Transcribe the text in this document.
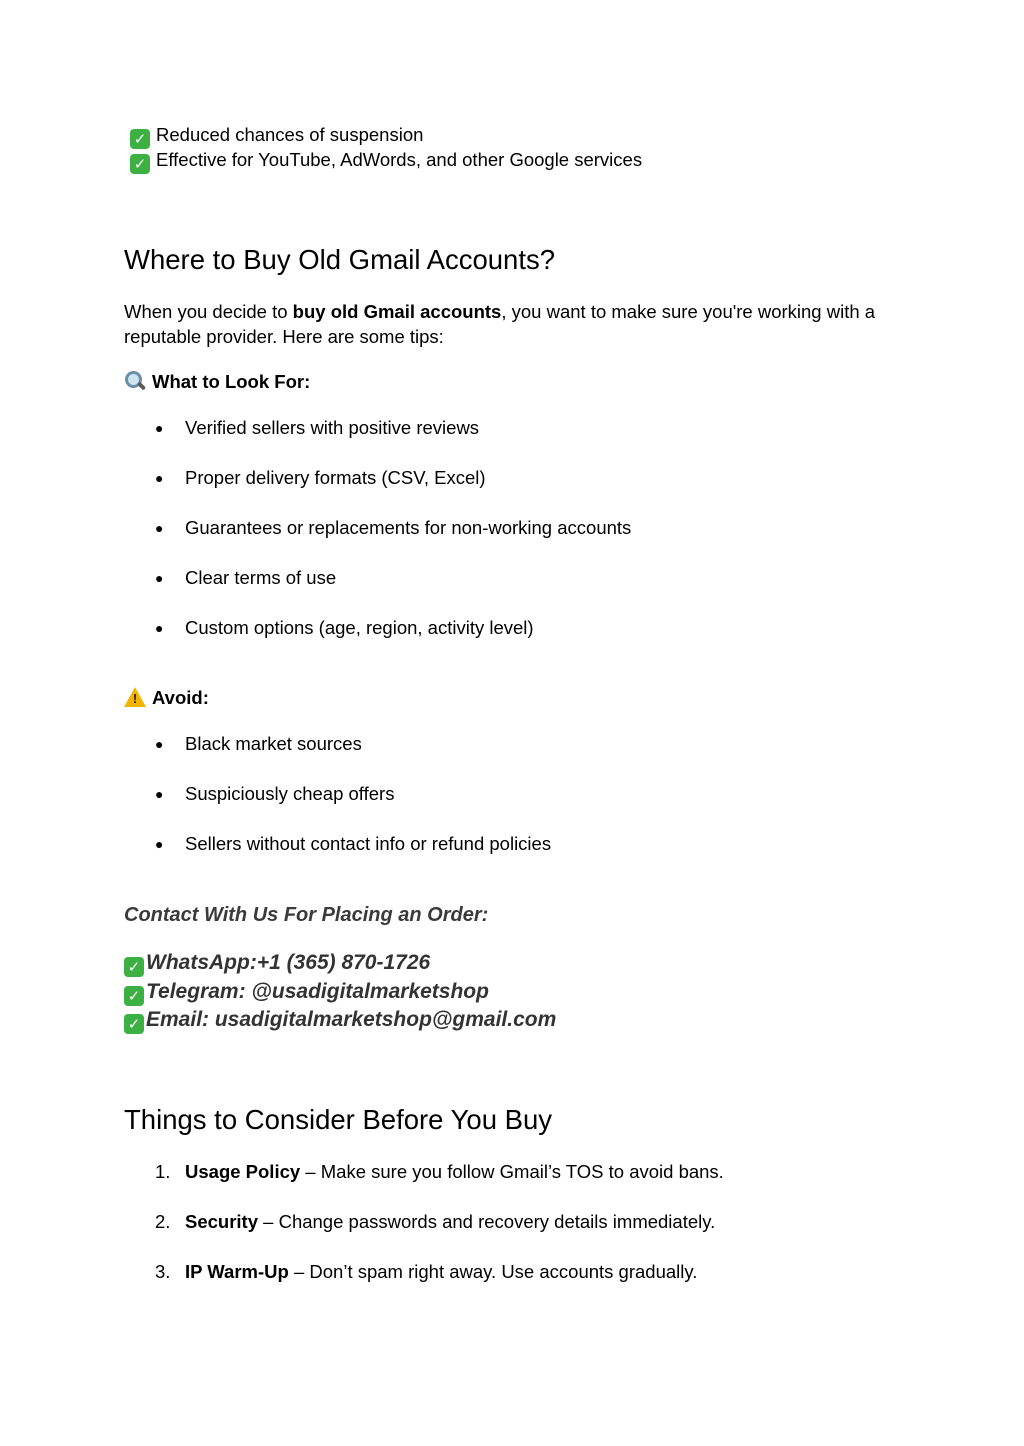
✓ Reduced chances of suspension
✓ Effective for YouTube, AdWords, and other Google services
Where to Buy Old Gmail Accounts?
When you decide to buy old Gmail accounts, you want to make sure you're working with a reputable provider. Here are some tips:
What to Look For:
● Verified sellers with positive reviews
● Proper delivery formats (CSV, Excel)
● Guarantees or replacements for non-working accounts
● Clear terms of use
● Custom options (age, region, activity level)
! Avoid:
● Black market sources
● Suspiciously cheap offers
● Sellers without contact info or refund policies
Contact With Us For Placing an Order:
✓ WhatsApp:+1 (365) 870-1726
✓ Telegram: @usadigitalmarketshop
✓ Email: usadigitalmarketshop@gmail.com
Things to Consider Before You Buy
1. Usage Policy – Make sure you follow Gmail’s TOS to avoid bans.
2. Security – Change passwords and recovery details immediately.
3. IP Warm-Up – Don’t spam right away. Use accounts gradually.
